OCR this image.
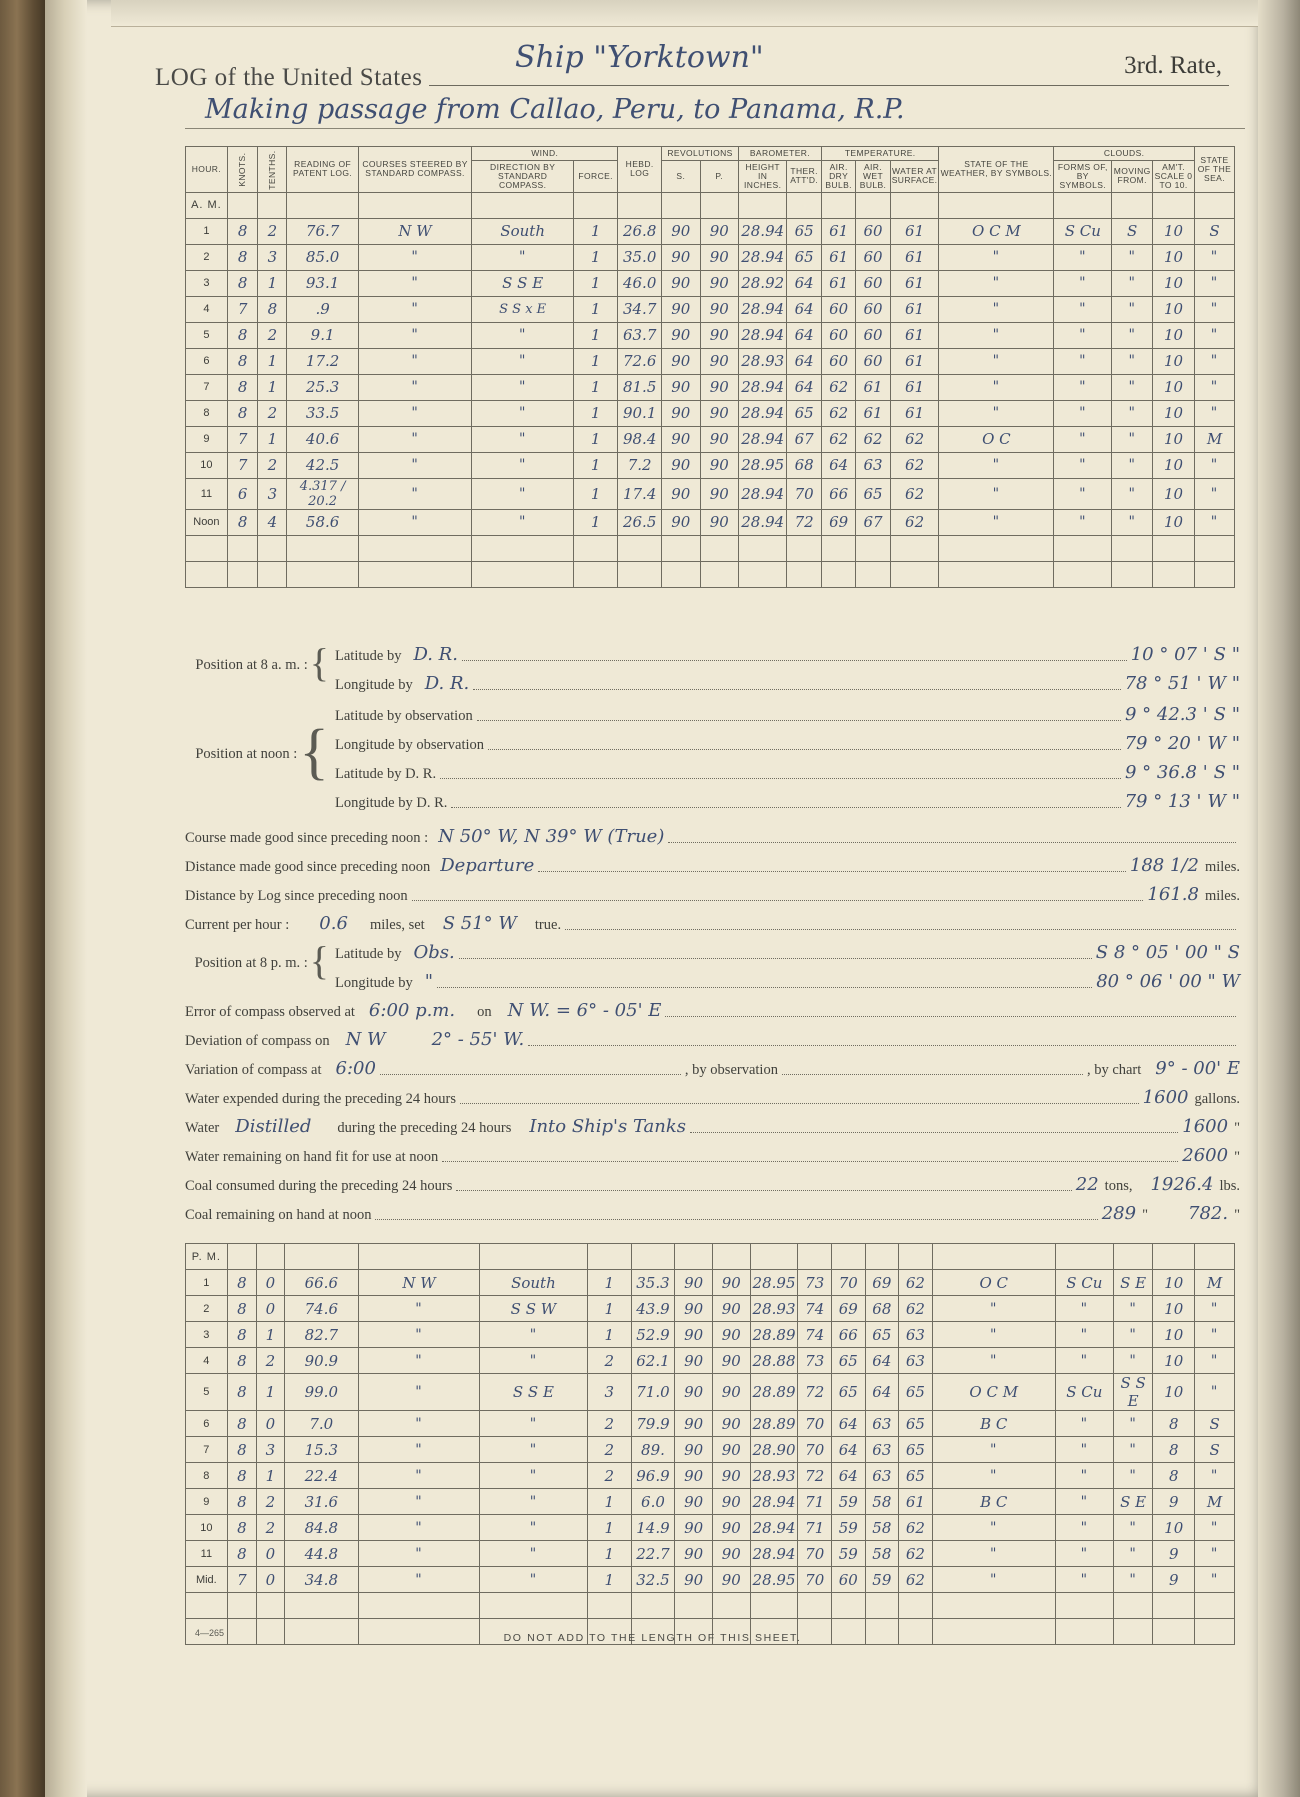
LOG of the United States
Ship "Yorktown"	3rd. Rate,
Making passage from Callao, Peru, to Panama, R.P.
HOUR.	KNOTS.	TENTHS.	READING OF PATENT LOG.	COURSES STEERED BY STANDARD COMPASS.	WIND.		HEBD. LOG	REVOLUTIONS		BAROMETER.		TEMPERATURE.			STATE OF THE WEATHER, BY SYMBOLS.	CLOUDS.			STATE OF THE SEA.
					DIRECTION BY STANDARD COMPASS.	FORCE.		S.	P.	HEIGHT IN INCHES.	THER. ATT'D.	AIR. DRY BULB.	AIR. WET BULB.	WATER AT SURFACE.		FORMS OF, BY SYMBOLS.	MOVING FROM.	AM'T. SCALE 0 TO 10.	

A. M.																			
1	8	2	76.7	N W	South	1	26.8	90	90	28.94	65	61	60	61	O C M	S Cu	S	10	S
2	8	3	85.0	"	"	1	35.0	90	90	28.94	65	61	60	61	"	"	"	10	"
3	8	1	93.1	"	S S E	1	46.0	90	90	28.92	64	61	60	61	"	"	"	10	"
4	7	8	.9	"	S S x E	1	34.7	90	90	28.94	64	60	60	61	"	"	"	10	"
5	8	2	9.1	"	"	1	63.7	90	90	28.94	64	60	60	61	"	"	"	10	"
6	8	1	17.2	"	"	1	72.6	90	90	28.93	64	60	60	61	"	"	"	10	"
7	8	1	25.3	"	"	1	81.5	90	90	28.94	64	62	61	61	"	"	"	10	"
8	8	2	33.5	"	"	1	90.1	90	90	28.94	65	62	61	61	"	"	"	10	"
9	7	1	40.6	"	"	1	98.4	90	90	28.94	67	62	62	62	O C	"	"	10	M
10	7	2	42.5	"	"	1	7.2	90	90	28.95	68	64	63	62	"	"	"	10	"
11	6	3	4.317 / 20.2	"	"	1	17.4	90	90	28.94	70	66	65	62	"	"	"	10	"
Noon	8	4	58.6	"	"	1	26.5	90	90	28.94	72	69	67	62	"	"	"	10	"

Position at 8 a. m. : { Latitude by D. R.	10 ° 07 ' S "
Longitude by D. R.	78 ° 51 ' W "
Position at noon : {
Latitude by observation	9 ° 42.3 ' S "
Longitude by observation	79 ° 20 ' W "
Latitude by D. R.	9 ° 36.8 ' S "
Longitude by D. R.	79 ° 13 ' W "
Course made good since preceding noon : N 50° W, N 39° W (True)
Distance made good since preceding noon Departure	188 1/2 miles.
Distance by Log since preceding noon	161.8 miles.
Current per hour : 0.6 miles, set S 51° W true.
Position at 8 p. m. : { Latitude by Obs.	S 8 ° 05 ' 00 " S
Longitude by "	80 ° 06 ' 00 " W
Error of compass observed at 6:00 p.m. on N W. = 6° - 05' E
Deviation of compass on N W	2° - 55' W.
Variation of compass at 6:00	, by observation	, by chart 9° - 00' E
Water expended during the preceding 24 hours	1600 gallons.
Water Distilled during the preceding 24 hours Into Ship's Tanks	1600 "
Water remaining on hand fit for use at noon	2600 "
Coal consumed during the preceding 24 hours	22 tons, 1926.4 lbs.
Coal remaining on hand at noon	289 " 782. "
P. M.																			
1	8	0	66.6	N W	South	1	35.3	90	90	28.95	73	70	69	62	O C	S Cu	S E	10	M
2	8	0	74.6	"	S S W	1	43.9	90	90	28.93	74	69	68	62	"	"	"	10	"
3	8	1	82.7	"	"	1	52.9	90	90	28.89	74	66	65	63	"	"	"	10	"
4	8	2	90.9	"	"	2	62.1	90	90	28.88	73	65	64	63	"	"	"	10	"
5	8	1	99.0	"	S S E	3	71.0	90	90	28.89	72	65	64	65	O C M	S Cu	S S E	10	"
6	8	0	7.0	"	"	2	79.9	90	90	28.89	70	64	63	65	B C	"	"	8	S
7	8	3	15.3	"	"	2	89.	90	90	28.90	70	64	63	65	"	"	"	8	S
8	8	1	22.4	"	"	2	96.9	90	90	28.93	72	64	63	65	"	"	"	8	"
9	8	2	31.6	"	"	1	6.0	90	90	28.94	71	59	58	61	B C	"	S E	9	M
10	8	2	84.8	"	"	1	14.9	90	90	28.94	71	59	58	62	"	"	"	10	"
11	8	0	44.8	"	"	1	22.7	90	90	28.94	70	59	58	62	"	"	"	9	"
Mid.	7	0	34.8	"	"	1	32.5	90	90	28.95	70	60	59	62	"	"	"	9	"

4—265	DO NOT ADD TO THE LENGTH OF THIS SHEET.
